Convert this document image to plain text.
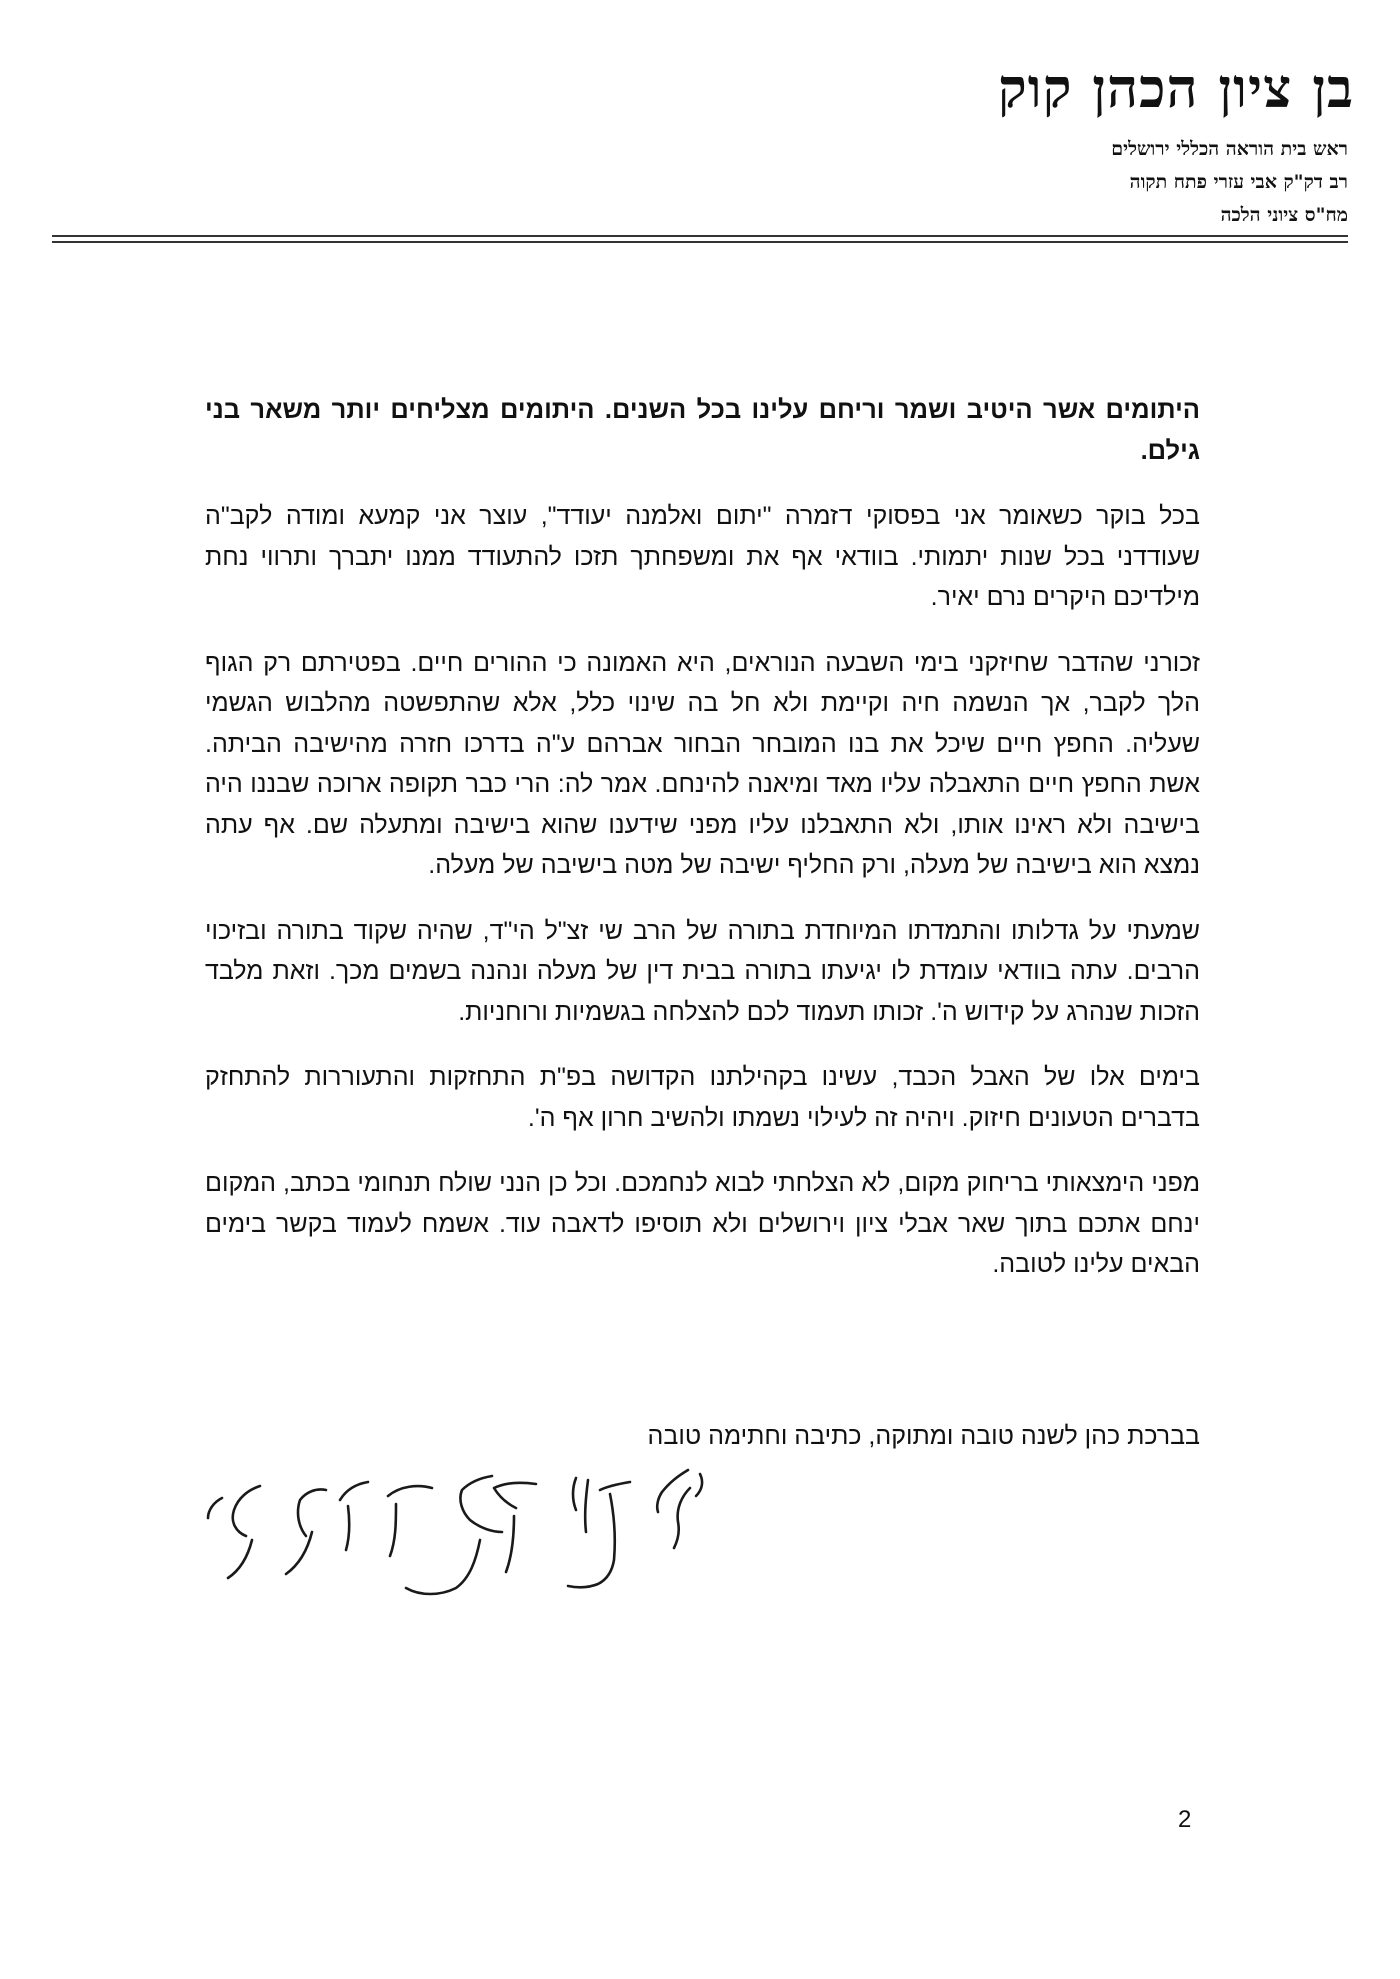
בן ציון הכהן קוק
ראש בית הוראה הכללי ירושלים
רב דק"ק אבי עזרי פתח תקוה
מח"ס ציוני הלכה

היתומים אשר היטיב ושמר וריחם עלינו בכל השנים. היתומים מצליחים יותר משאר בני גילם.

בכל בוקר כשאומר אני בפסוקי דזמרה "יתום ואלמנה יעודד", עוצר אני קמעא ומודה לקב"ה שעודדני בכל שנות יתמותי. בוודאי אף את ומשפחתך תזכו להתעודד ממנו יתברך ותרווי נחת מילדיכם היקרים נרם יאיר.

זכורני שהדבר שחיזקני בימי השבעה הנוראים, היא האמונה כי ההורים חיים. בפטירתם רק הגוף הלך לקבר, אך הנשמה חיה וקיימת ולא חל בה שינוי כלל, אלא שהתפשטה מהלבוש הגשמי שעליה. החפץ חיים שיכל את בנו המובחר הבחור אברהם ע"ה בדרכו חזרה מהישיבה הביתה. אשת החפץ חיים התאבלה עליו מאד ומיאנה להינחם. אמר לה: הרי כבר תקופה ארוכה שבננו היה בישיבה ולא ראינו אותו, ולא התאבלנו עליו מפני שידענו שהוא בישיבה ומתעלה שם. אף עתה נמצא הוא בישיבה של מעלה, ורק החליף ישיבה של מטה בישיבה של מעלה.

שמעתי על גדלותו והתמדתו המיוחדת בתורה של הרב שי זצ"ל הי"ד, שהיה שקוד בתורה ובזיכוי הרבים. עתה בוודאי עומדת לו יגיעתו בתורה בבית דין של מעלה ונהנה בשמים מכך. וזאת מלבד הזכות שנהרג על קידוש ה'. זכותו תעמוד לכם להצלחה בגשמיות ורוחניות.

בימים אלו של האבל הכבד, עשינו בקהילתנו הקדושה בפ"ת התחזקות והתעוררות להתחזק בדברים הטעונים חיזוק. ויהיה זה לעילוי נשמתו ולהשיב חרון אף ה'.

מפני הימצאותי בריחוק מקום, לא הצלחתי לבוא לנחמכם. וכל כן הנני שולח תנחומי בכתב, המקום ינחם אתכם בתוך שאר אבלי ציון וירושלים ולא תוסיפו לדאבה עוד. אשמח לעמוד בקשר בימים הבאים עלינו לטובה.

בברכת כהן לשנה טובה ומתוקה, כתיבה וחתימה טובה
2
